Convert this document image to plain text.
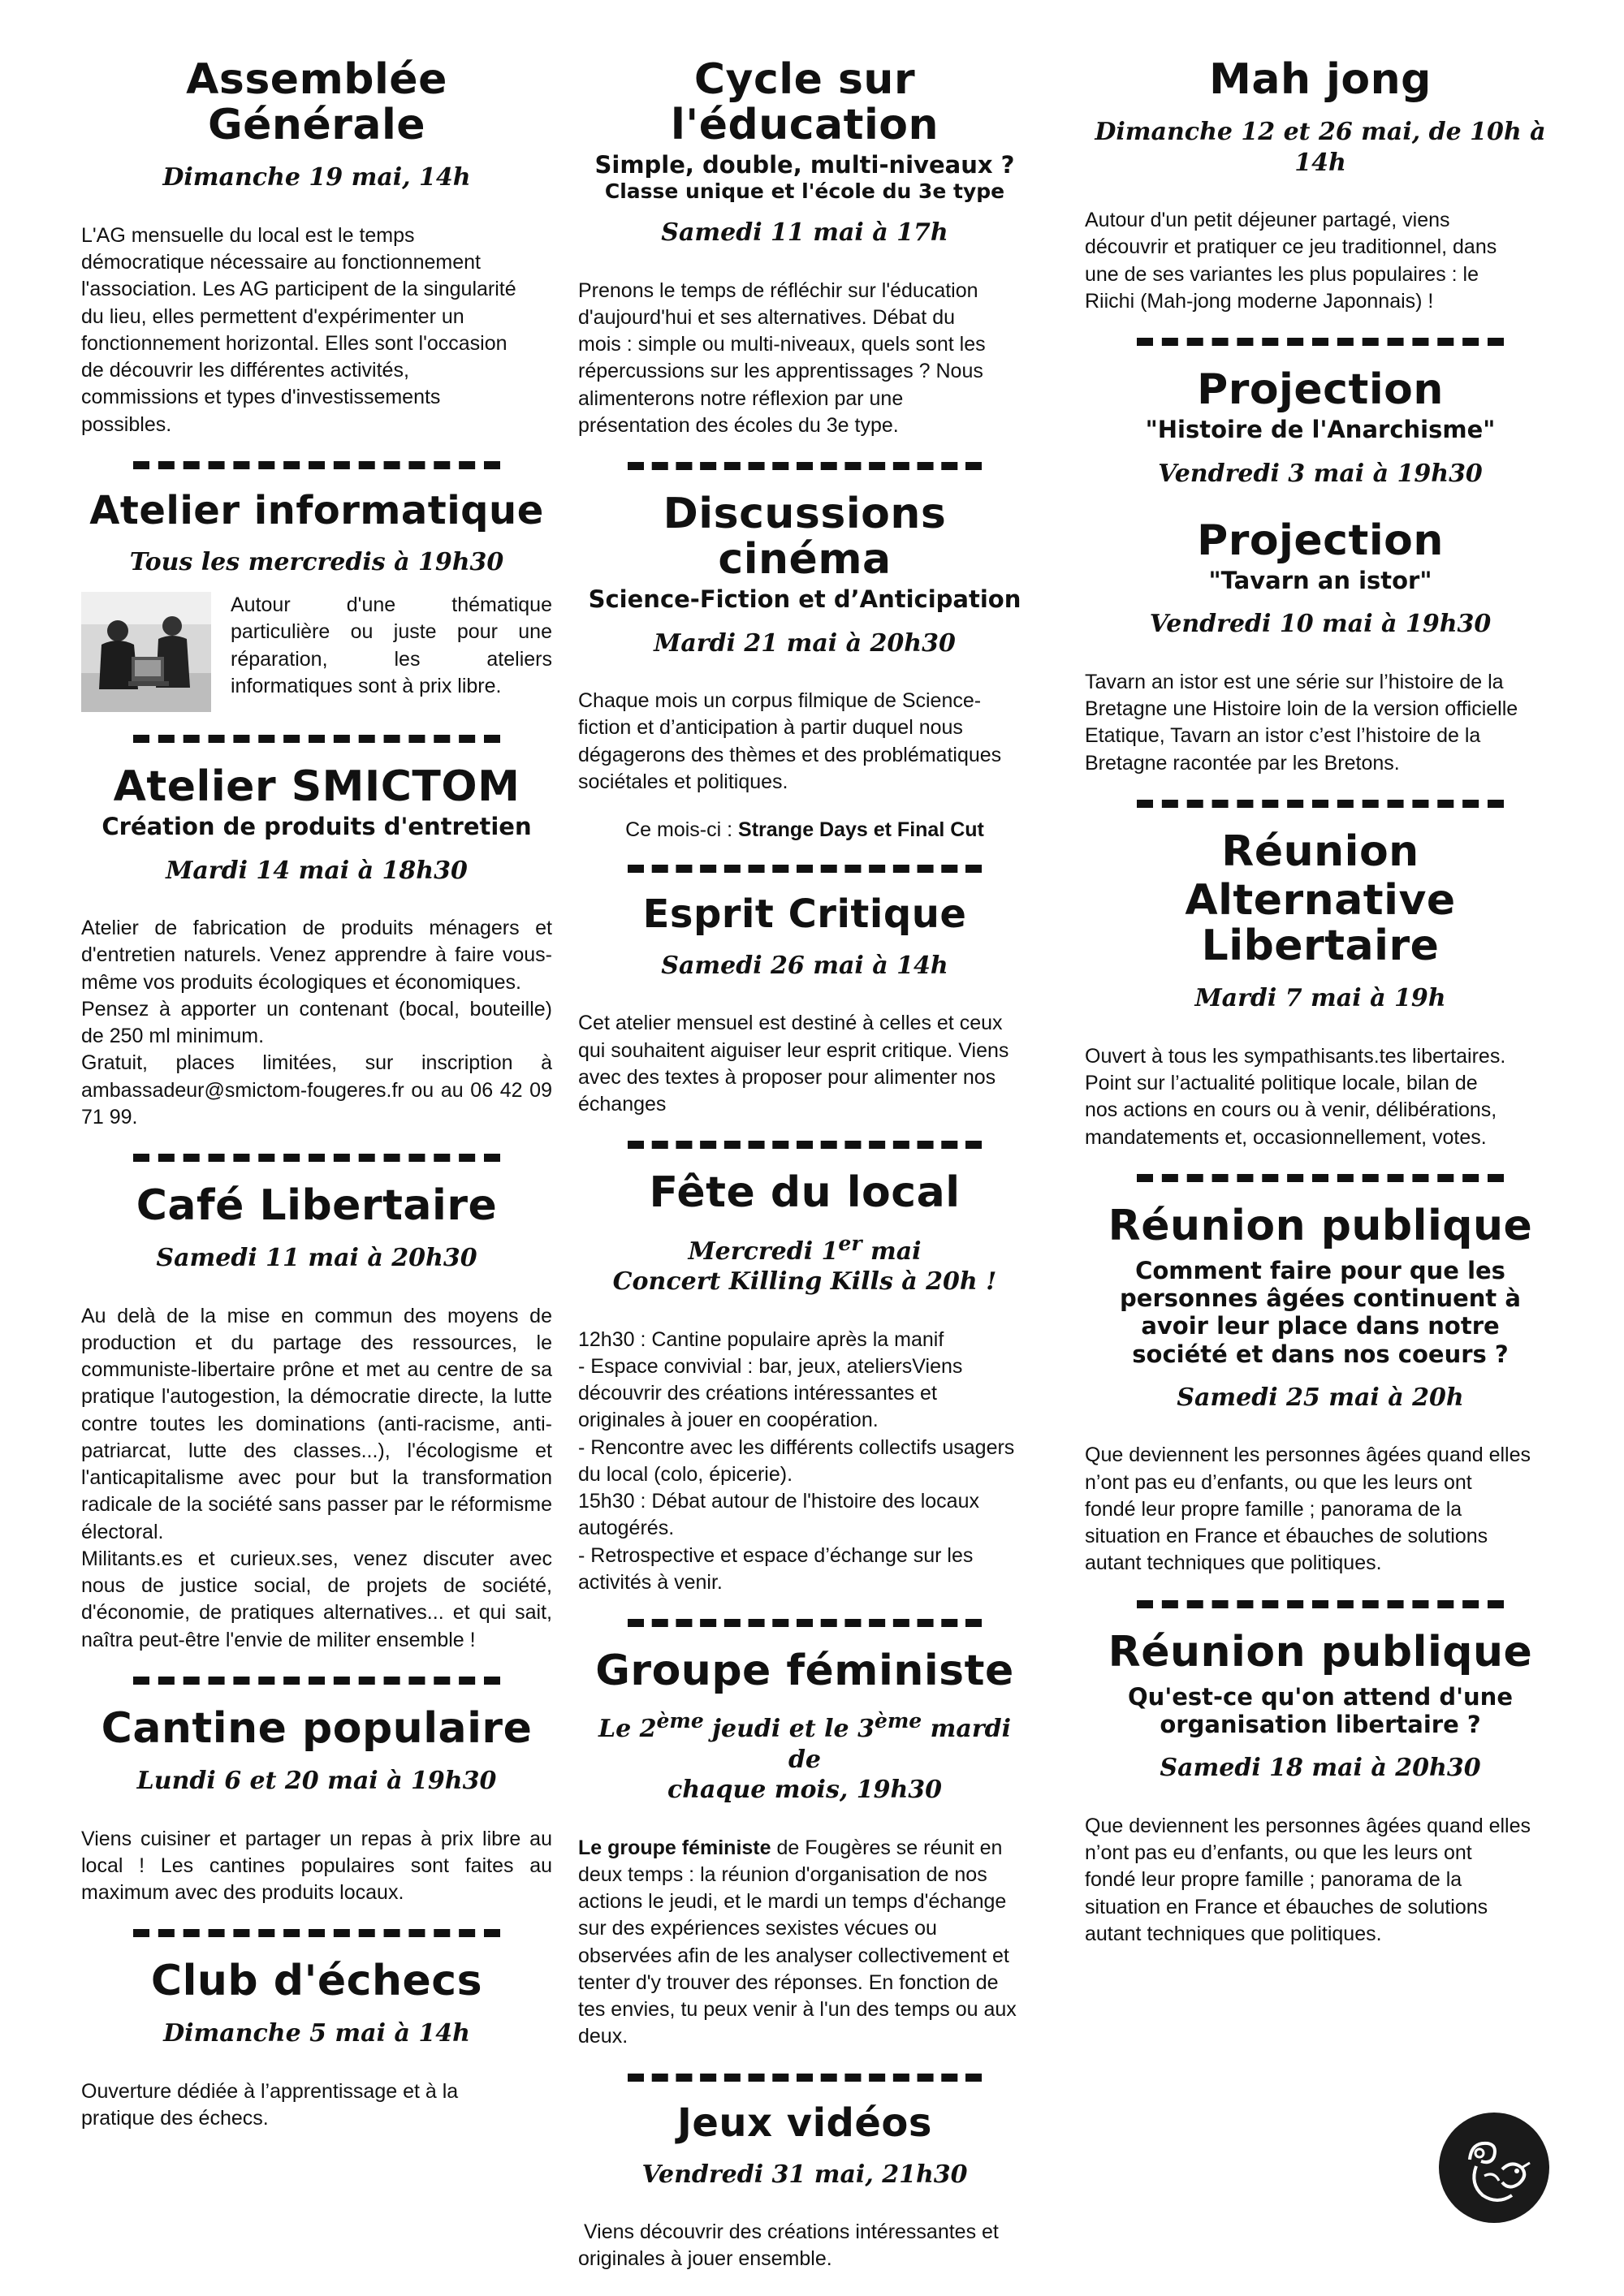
Assemblée Générale
Dimanche 19 mai, 14h

L'AG mensuelle du local est le temps
démocratique nécessaire au fonctionnement
l'association. Les AG participent de la singularité
du lieu, elles permettent d'expérimenter un
fonctionnement horizontal. Elles sont l'occasion
de découvrir les différentes activités,
commissions et types d'investissements
possibles.

Atelier informatique
Tous les mercredis à 19h30

Autour d'une thématique particulière ou juste pour une réparation, les ateliers informatiques sont à prix libre.

Atelier SMICTOM
Création de produits d'entretien
Mardi 14 mai à 18h30

Atelier de fabrication de produits ménagers et d'entretien naturels. Venez apprendre à faire vous-même vos produits écologiques et économiques.
Pensez à apporter un contenant (bocal, bouteille) de 250 ml minimum.
Gratuit, places limitées, sur inscription à ambassadeur@smictom-fougeres.fr ou au 06 42 09 71 99.

Café Libertaire
Samedi 11 mai à 20h30

Au delà de la mise en commun des moyens de production et du partage des ressources, le communiste-libertaire prône et met au centre de sa pratique l'autogestion, la démocratie directe, la lutte contre toutes les dominations (anti-racisme, anti-patriarcat, lutte des classes...), l'écologisme et l'anticapitalisme avec pour but la transformation radicale de la société sans passer par le réformisme électoral.
Militants.es et curieux.ses, venez discuter avec nous de justice social, de projets de société, d'économie, de pratiques alternatives... et qui sait, naîtra peut-être l'envie de militer ensemble !

Cantine populaire
Lundi 6 et 20 mai à 19h30

Viens cuisiner et partager un repas à prix libre au local ! Les cantines populaires sont faites au maximum avec des produits locaux.

Club d'échecs
Dimanche 5 mai à 14h

Ouverture dédiée à l’apprentissage et à la
pratique des échecs.

Cycle sur l'éducation
Simple, double, multi-niveaux ?
Classe unique et l'école du 3e type
Samedi 11 mai à 17h

Prenons le temps de réfléchir sur l'éducation
d'aujourd'hui et ses alternatives. Débat du
mois : simple ou multi-niveaux, quels sont les
répercussions sur les apprentissages ? Nous
alimenterons notre réflexion par une
présentation des écoles du 3e type.

Discussions cinéma
Science-Fiction et d’Anticipation
Mardi 21 mai à 20h30

Chaque mois un corpus filmique de Science-
fiction et d’anticipation à partir duquel nous
dégagerons des thèmes et des problématiques
sociétales et politiques.

Ce mois-ci : Strange Days et Final Cut
Esprit Critique
Samedi 26 mai à 14h

Cet atelier mensuel est destiné à celles et ceux
qui souhaitent aiguiser leur esprit critique. Viens
avec des textes à proposer pour alimenter nos
échanges

Fête du local
Mercredi 1er mai
Concert Killing Kills à 20h !

12h30 : Cantine populaire après la manif
- Espace convivial : bar, jeux, ateliersViens
découvrir des créations intéressantes et
originales à jouer en coopération.
- Rencontre avec les différents collectifs usagers
du local (colo, épicerie).
15h30 : Débat autour de l'histoire des locaux
autogérés.
- Retrospective et espace d’échange sur les
activités à venir.

Groupe féministe
Le 2ème jeudi et le 3ème mardi de
chaque mois, 19h30

Le groupe féministe de Fougères se réunit en
deux temps : la réunion d'organisation de nos
actions le jeudi, et le mardi un temps d'échange
sur des expériences sexistes vécues ou
observées afin de les analyser collectivement et
tenter d'y trouver des réponses. En fonction de
tes envies, tu peux venir à l'un des temps ou aux
deux.

Jeux vidéos
Vendredi 31 mai, 21h30

Viens découvrir des créations intéressantes et
originales à jouer ensemble.

Mah jong
Dimanche 12 et 26 mai, de 10h à 14h

Autour d'un petit déjeuner partagé, viens
découvrir et pratiquer ce jeu traditionnel, dans
une de ses variantes les plus populaires : le
Riichi (Mah-jong moderne Japonnais) !

Projection
"Histoire de l'Anarchisme"
Vendredi 3 mai à 19h30
Projection
"Tavarn an istor"
Vendredi 10 mai à 19h30

Tavarn an istor est une série sur l’histoire de la
Bretagne une Histoire loin de la version officielle
Etatique, Tavarn an istor c’est l’histoire de la
Bretagne racontée par les Bretons.

Réunion
Alternative Libertaire
Mardi 7 mai à 19h

Ouvert à tous les sympathisants.tes libertaires.
Point sur l’actualité politique locale, bilan de
nos actions en cours ou à venir, délibérations,
mandatements et, occasionnellement, votes.

Réunion publique
Comment faire pour que les
personnes âgées continuent à
avoir leur place dans notre
société et dans nos coeurs ?
Samedi 25 mai à 20h

Que deviennent les personnes âgées quand elles
n’ont pas eu d’enfants, ou que les leurs ont
fondé leur propre famille ; panorama de la
situation en France et ébauches de solutions
autant techniques que politiques.

Réunion publique
Qu'est-ce qu'on attend d'une
organisation libertaire ?
Samedi 18 mai à 20h30

Que deviennent les personnes âgées quand elles
n’ont pas eu d’enfants, ou que les leurs ont
fondé leur propre famille ; panorama de la
situation en France et ébauches de solutions
autant techniques que politiques.
